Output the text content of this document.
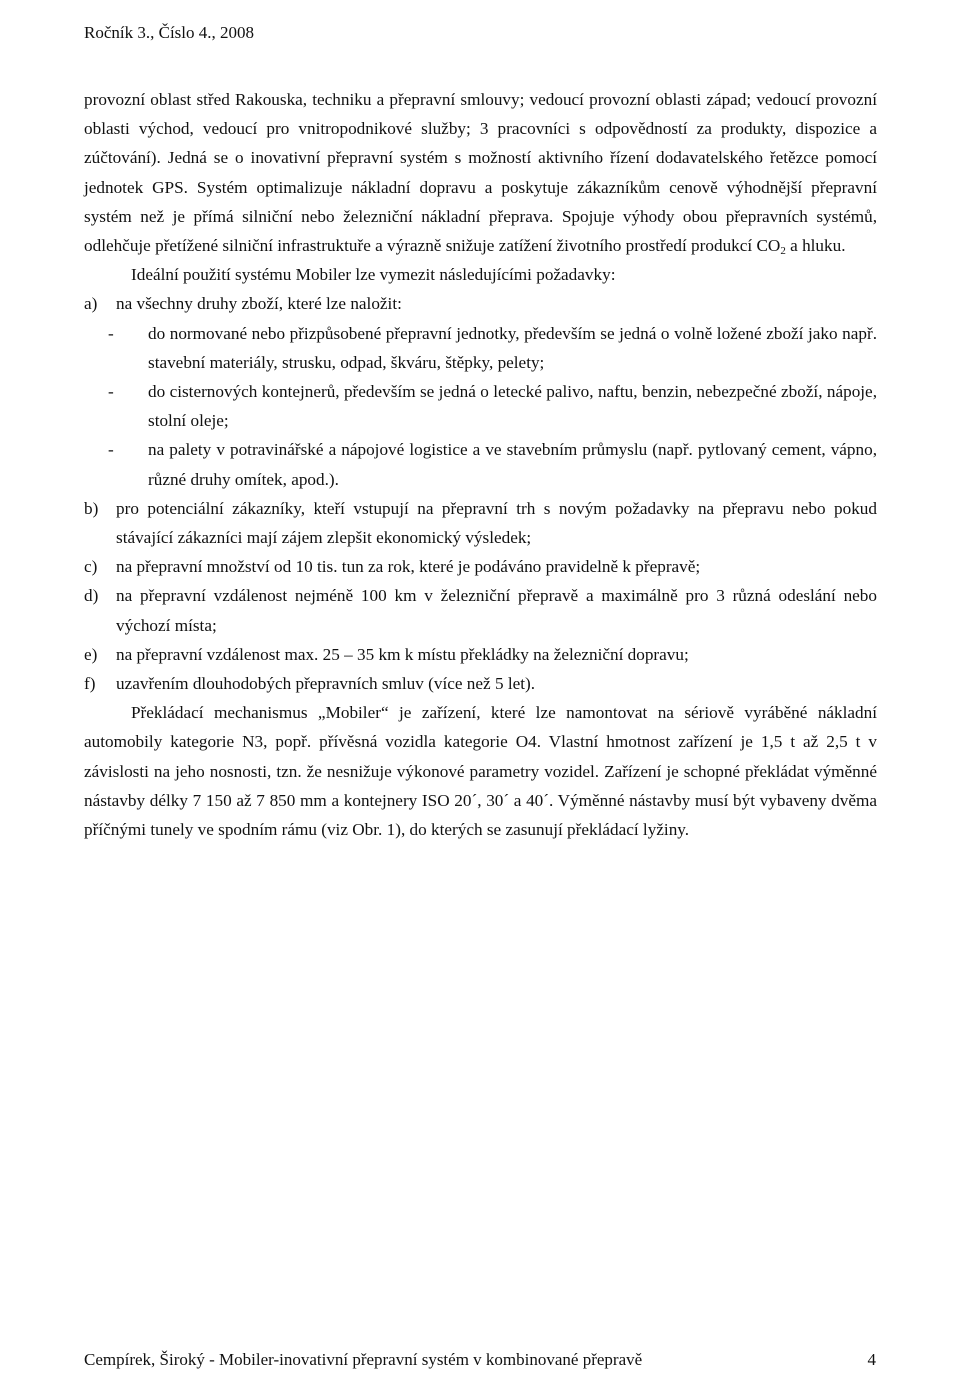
Ročník 3., Číslo 4., 2008

provozní oblast střed Rakouska, techniku a přepravní smlouvy; vedoucí provozní oblasti západ; vedoucí provozní oblasti východ, vedoucí pro vnitropodnikové služby; 3 pracovníci s odpovědností za produkty, dispozice a zúčtování). Jedná se o inovativní přepravní systém s možností aktivního řízení dodavatelského řetězce pomocí jednotek GPS. Systém optimalizuje nákladní dopravu a poskytuje zákazníkům cenově výhodnější přepravní systém než je přímá silniční nebo železniční nákladní přeprava. Spojuje výhody obou přepravních systémů, odlehčuje přetížené silniční infrastruktuře a výrazně snižuje zatížení životního prostředí produkcí $CO_2$ a hluku.

Ideální použití systému Mobiler lze vymezit následujícími požadavky:

a)	na všechny druhy zboží, které lze naložit:
-	do normované nebo přizpůsobené přepravní jednotky, především se jedná o volně ložené zboží jako např. stavební materiály, strusku, odpad, škváru, štěpky, pelety;
-	do cisternových kontejnerů, především se jedná o letecké palivo, naftu, benzin, nebezpečné zboží, nápoje, stolní oleje;
-	na palety v potravinářské a nápojové logistice a ve stavebním průmyslu (např. pytlovaný cement, vápno, různé druhy omítek, apod.).
b)	pro potenciální zákazníky, kteří vstupují na přepravní trh s novým požadavky na přepravu nebo pokud stávající zákazníci mají zájem zlepšit ekonomický výsledek;
c)	na přepravní množství od 10 tis. tun za rok, které je podáváno pravidelně k přepravě;
d)	na přepravní vzdálenost nejméně 100 km v železniční přepravě a maximálně pro 3 různá odeslání nebo výchozí místa;
e)	na přepravní vzdálenost max. 25 – 35 km k místu překládky na železniční dopravu;
f)	uzavřením dlouhodobých přepravních smluv (více než 5 let).

Překládací mechanismus „Mobiler“ je zařízení, které lze namontovat na sériově vyráběné nákladní automobily kategorie N3, popř. přívěsná vozidla kategorie O4. Vlastní hmotnost zařízení je 1,5 t až 2,5 t v závislosti na jeho nosnosti, tzn. že nesnižuje výkonové parametry vozidel. Zařízení je schopné překládat výměnné nástavby délky 7 150 až 7 850 mm a kontejnery ISO 20´, 30´ a 40´. Výměnné nástavby musí být vybaveny dvěma příčnými tunely ve spodním rámu (viz Obr. 1), do kterých se zasunují překládací lyžiny.

Cempírek, Široký - Mobiler-inovativní přepravní systém v kombinované přepravě	4
